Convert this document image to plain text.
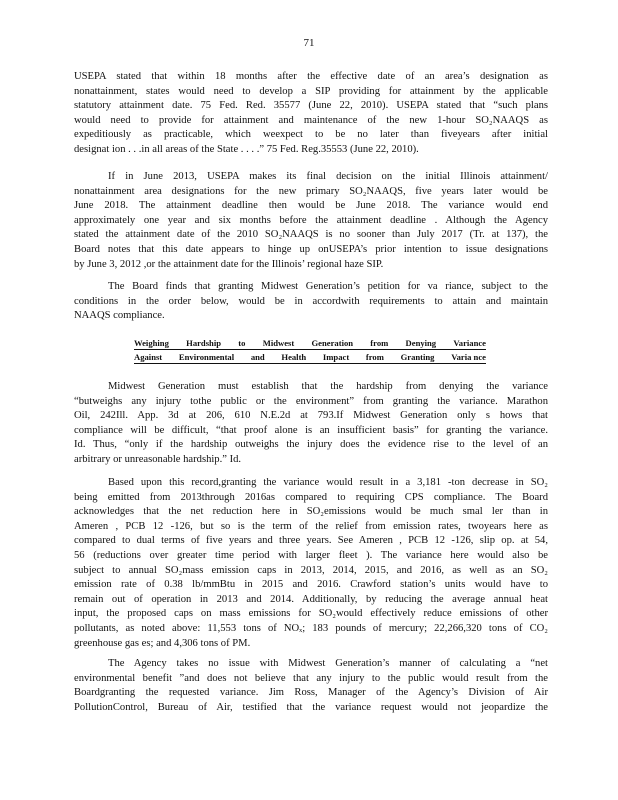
71

USEPA stated that within 18 months after the effective date of an area’s designation as
nonattainment, states would need to develop a SIP providing for attainment by the applicable
statutory attainment date. 75 Fed. Red. 35577 (June 22, 2010). USEPA stated that “such plans
would need to provide for attainment and maintenance of the new 1-hour SO₂NAAQS as
expeditiously as practicable, which weexpect to be no later than fiveyears after initial
designat ion . . .in all areas of the State . . . .” 75 Fed. Reg.35553 (June 22, 2010).

If in June 2013, USEPA makes its final decision on the initial Illinois attainment/
nonattainment area designations for the new primary SO₂NAAQS, five years later would be
June 2018. The attainment deadline then would be June 2018. The variance would end
approximately one year and six months before the attainment deadline . Although the Agency
stated the attainment date of the 2010 SO₂NAAQS is no sooner than July 2017 (Tr. at 137), the
Board notes that this date appears to hinge up onUSEPA’s prior intention to issue designations
by June 3, 2012 ,or the attainment date for the Illinois’ regional haze SIP.

The Board finds that granting Midwest Generation’s petition for va riance, subject to the
conditions in the order below, would be in accordwith requirements to attain and maintain
NAAQS compliance.

Weighing Hardship to Midwest Generation from Denying Variance
Against Environmental and Health Impact from Granting Varia nce

Midwest Generation must establish that the hardship from denying the variance
“butweighs any injury tothe public or the environment” from granting the variance. Marathon
Oil, 242Ill. App. 3d at 206, 610 N.E.2d at 793.If Midwest Generation only s hows that
compliance will be difficult, “that proof alone is an insufficient basis” for granting the variance.
Id. Thus, “only if the hardship outweighs the injury does the evidence rise to the level of an
arbitrary or unreasonable hardship.” Id.

Based upon this record,granting the variance would result in a 3,181 -ton decrease in SO₂
being emitted from 2013through 2016as compared to requiring CPS compliance. The Board
acknowledges that the net reduction here in SO₂emissions would be much smal ler than in
Ameren , PCB 12 -126, but so is the term of the relief from emission rates, twoyears here as
compared to dual terms of five years and three years. See Ameren , PCB 12 -126, slip op. at 54,
56 (reductions over greater time period with larger fleet ). The variance here would also be
subject to annual SO₂mass emission caps in 2013, 2014, 2015, and 2016, as well as an SO₂
emission rate of 0.38 lb/mmBtu in 2015 and 2016. Crawford station’s units would have to
remain out of operation in 2013 and 2014. Additionally, by reducing the average annual heat
input, the proposed caps on mass emissions for SO₂would effectively reduce emissions of other
pollutants, as noted above: 11,553 tons of NOₓ; 183 pounds of mercury; 22,266,320 tons of CO₂
greenhouse gas es; and 4,306 tons of PM.

The Agency takes no issue with Midwest Generation’s manner of calculating a “net
environmental benefit ”and does not believe that any injury to the public would result from the
Boardgranting the requested variance. Jim Ross, Manager of the Agency’s Division of Air
PollutionControl, Bureau of Air, testified that the variance request would not jeopardize the
